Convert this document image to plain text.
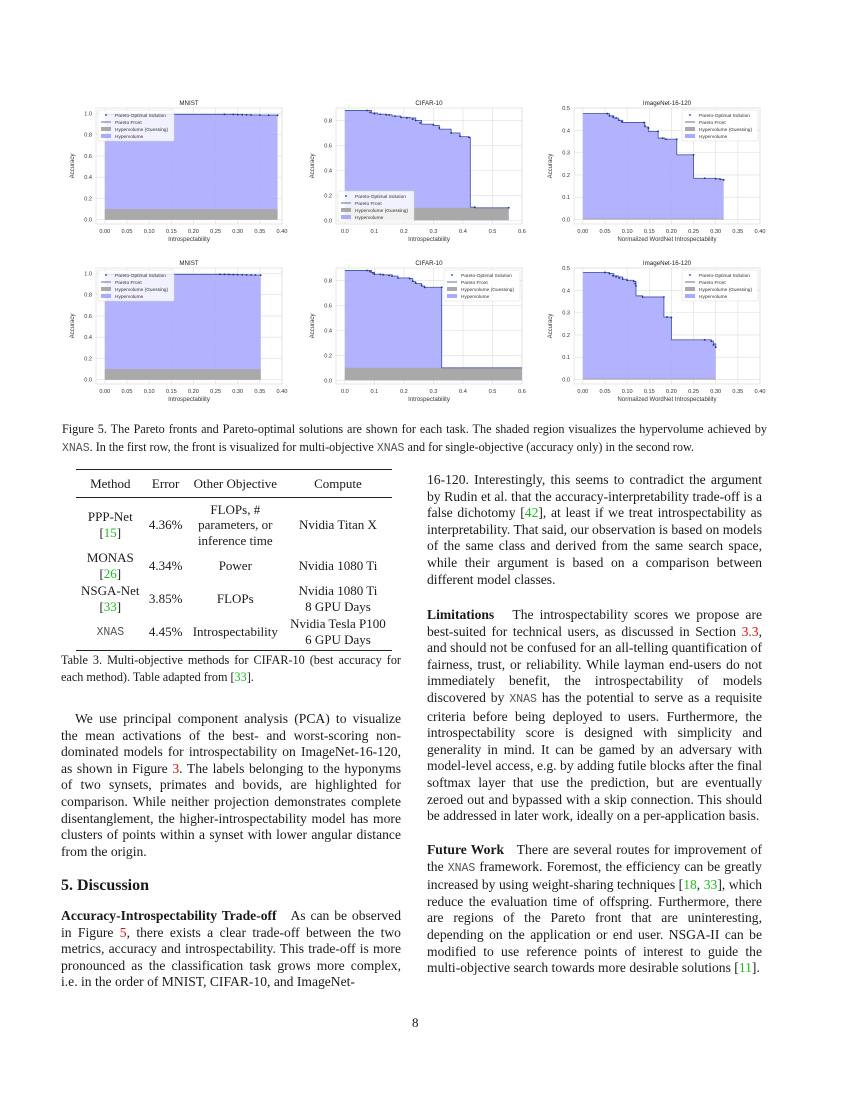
0.00 0.05 0.10 0.15 0.20 0.25 0.30 0.35 0.40
0.0
0.2
0.4
0.6
0.8
1.0
Introspectability
Accuracy
MNIST
Pareto-Optimal Solution
Pareto Front
Hypervolume (Guessing)
Hypervolume
0.0	0.1	0.2	0.3	0.4	0.5	0.6
0.0
0.2
0.4
0.6
0.8
Introspectability
Accuracy
CIFAR-10
Pareto-Optimal Solution
Pareto Front
Hypervolume (Guessing)
Hypervolume
0.00 0.05 0.10 0.15 0.20 0.25 0.30 0.35 0.40
0.0
0.1
0.2
0.3
0.4
0.5
Normalized WordNet Introspectability
Accuracy
ImageNet-16-120
Pareto-Optimal Solution
Pareto Front
Hypervolume (Guessing)
Hypervolume
0.00 0.05 0.10 0.15 0.20 0.25 0.30 0.35 0.40
0.0
0.2
0.4
0.6
0.8
1.0
Introspectability
Accuracy
MNIST
Pareto-Optimal Solution
Pareto Front
Hypervolume (Guessing)
Hypervolume
0.0	0.1	0.2	0.3	0.4	0.5	0.6
0.0
0.2
0.4
0.6
0.8
Introspectability
Accuracy
CIFAR-10
Pareto-Optimal Solution
Pareto Front
Hypervolume (Guessing)
Hypervolume
0.00 0.05 0.10 0.15 0.20 0.25 0.30 0.35 0.40
0.0
0.1
0.2
0.3
0.4
0.5
Normalized WordNet Introspectability
Accuracy
ImageNet-16-120
Pareto-Optimal Solution
Pareto Front
Hypervolume (Guessing)
Hypervolume
Figure 5. The Pareto fronts and Pareto-optimal solutions are shown for each task. The shaded region visualizes the hypervolume achieved by XNAS. In the first row, the front is visualized for multi-objective XNAS and for single-objective (accuracy only) in the second row.
Method	Error	Other Objective	Compute
PPP-Net
[15]	4.36%	FLOPs, #
parameters, or
inference time	Nvidia Titan X
MONAS
[26]	4.34%	Power	Nvidia 1080 Ti
NSGA-Net
[33]	3.85%	FLOPs	Nvidia 1080 Ti
8 GPU Days
XNAS	4.45%	Introspectability	Nvidia Tesla P100
6 GPU Days
Table 3. Multi-objective methods for CIFAR-10 (best accuracy for each method). Table adapted from [33].

We use principal component analysis (PCA) to visualize the mean activations of the best- and worst-scoring non-dominated models for introspectability on ImageNet-16-120, as shown in Figure 3. The labels belonging to the hyponyms of two synsets, primates and bovids, are highlighted for comparison. While neither projection demonstrates complete disentanglement, the higher-introspectability model has more clusters of points within a synset with lower angular distance from the origin.

5. Discussion

Accuracy-Introspectability Trade-off As can be observed in Figure 5, there exists a clear trade-off between the two metrics, accuracy and introspectability. This trade-off is more pronounced as the classification task grows more complex, i.e. in the order of MNIST, CIFAR-10, and ImageNet-

16-120. Interestingly, this seems to contradict the argument by Rudin et al. that the accuracy-interpretability trade-off is a false dichotomy [42], at least if we treat introspectability as interpretability. That said, our observation is based on models of the same class and derived from the same search space, while their argument is based on a comparison between different model classes.

Limitations The introspectability scores we propose are best-suited for technical users, as discussed in Section 3.3, and should not be confused for an all-telling quantification of fairness, trust, or reliability. While layman end-users do not immediately benefit, the introspectability of models discovered by XNAS has the potential to serve as a requisite criteria before being deployed to users. Furthermore, the introspectability score is designed with simplicity and generality in mind. It can be gamed by an adversary with model-level access, e.g. by adding futile blocks after the final softmax layer that use the prediction, but are eventually zeroed out and bypassed with a skip connection. This should be addressed in later work, ideally on a per-application basis.

Future Work There are several routes for improvement of the XNAS framework. Foremost, the efficiency can be greatly increased by using weight-sharing techniques [18, 33], which reduce the evaluation time of offspring. Furthermore, there are regions of the Pareto front that are uninteresting, depending on the application or end user. NSGA-II can be modified to use reference points of interest to guide the multi-objective search towards more desirable solutions [11].

8
